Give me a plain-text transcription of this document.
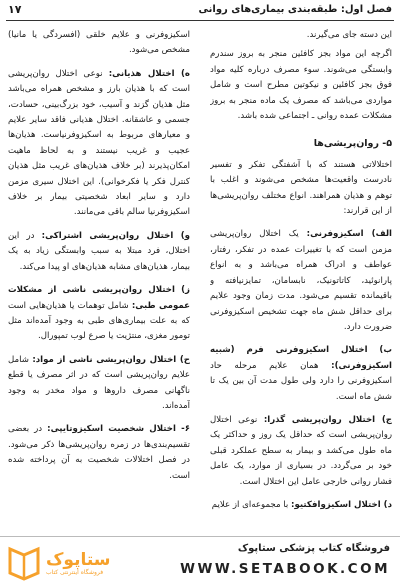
فصل اول: طبقه‌بندی بیماری‌های روانی
۱۷

این دسته جای می‌گیرند.

اگرچه این مواد بجز کافئین منجر به بروز سندرم وابستگی می‌شوند. سوء مصرف درباره کلیه مواد فوق بجز کافئین و نیکوتین مطرح است و شامل مواردی می‌باشد که مصرف یک ماده منجر به بروز مشکلات عمده روانی ـ اجتماعی شده باشد.

۵- روان‌پریشی‌ها

اختلالاتی هستند که با آشفتگی تفکر و تفسیر نادرست واقعیت‌ها مشخص می‌شوند و اغلب با توهم و هذیان همراهند. انواع مختلف روان‌پریشی‌ها از این قرارند:

الف) اسکیزوفرنی: یک اختلال روان‌پریشی مزمن است که با تغییرات عمده در تفکر، رفتار، عواطف و ادراک همراه می‌باشد و به انواع پارانوئید، کاتاتونیک، نابسامان، تمایزنیافته و باقیمانده تقسیم می‌شود. مدت زمان وجود علایم برای حداقل شش ماه جهت تشخیص اسکیزوفرنی ضرورت دارد.

ب) اختلال اسکیزوفرنی فرم (شبیه اسکیزوفرنی): همان علایم مرحله حاد اسکیزوفرنی را دارد ولی طول مدت آن بین یک تا شش ماه است.

ج) اختلال روان‌پریشی گذرا: نوعی اختلال روان‌پریشی است که حداقل یک روز و حداکثر یک ماه طول می‌کشد و بیمار به سطح عملکرد قبلی خود بر می‌گردد. در بسیاری از موارد، یک عامل فشار روانی خارجی عامل این اختلال است.

د) اختلال اسکیزوافکتیو: با مجموعه‌ای از علایم

اسکیزوفرنی و علایم خلقی (افسردگی یا مانیا) مشخص می‌شود.

ه) اختلال هذیانی: نوعی اختلال روان‌پریشی است که با هذیان بارز و مشخص همراه می‌باشد مثل هذیان گزند و آسیب، خود بزرگ‌بینی، حسادت، جسمی و عاشقانه. اختلال هذیانی فاقد سایر علایم و معیارهای مربوط به اسکیزوفرنیاست. هذیان‌ها عجیب و غریب نیستند و به لحاظ ماهیت امکان‌پذیرند (بر خلاف هذیان‌های غریب مثل هذیان کنترل فکر یا فکرخوانی). این اختلال سیری مزمن دارد و سایر ابعاد شخصیتی بیمار بر خلاف اسکیزوفرنیا سالم باقی می‌مانند.

و) اختلال روان‌پریشی اشتراکی: در این اختلال، فرد مبتلا به سبب وابستگی زیاد به یک بیمار، هذیان‌های مشابه هذیان‌های او پیدا می‌کند.

ز) اختلال روان‌پریشی ناشی از مشکلات عمومی طبی: شامل توهمات یا هذیان‌هایی است که به علت بیماری‌های طبی به وجود آمده‌اند مثل تومور مغزی، منتژیت یا صرع لوب تمپورال.

ح) اختلال روان‌پریشی ناشی از مواد: شامل علایم روان‌پریشی است که در اثر مصرف یا قطع ناگهانی مصرف داروها و مواد مخدر به وجود آمده‌اند.

۶- اختلال شخصیت اسکیزوتایپی: در بعضی تقسیم‌بندی‌ها در زمره روان‌پریشی‌ها ذکر می‌شود. در فصل اختلالات شخصیت به آن پرداخته شده است.

فروشگاه کتاب پزشکی ستاپوک
WWW.SETABOOK.COM
ستاپوک
فروشگاه اینترنتی کتاب
